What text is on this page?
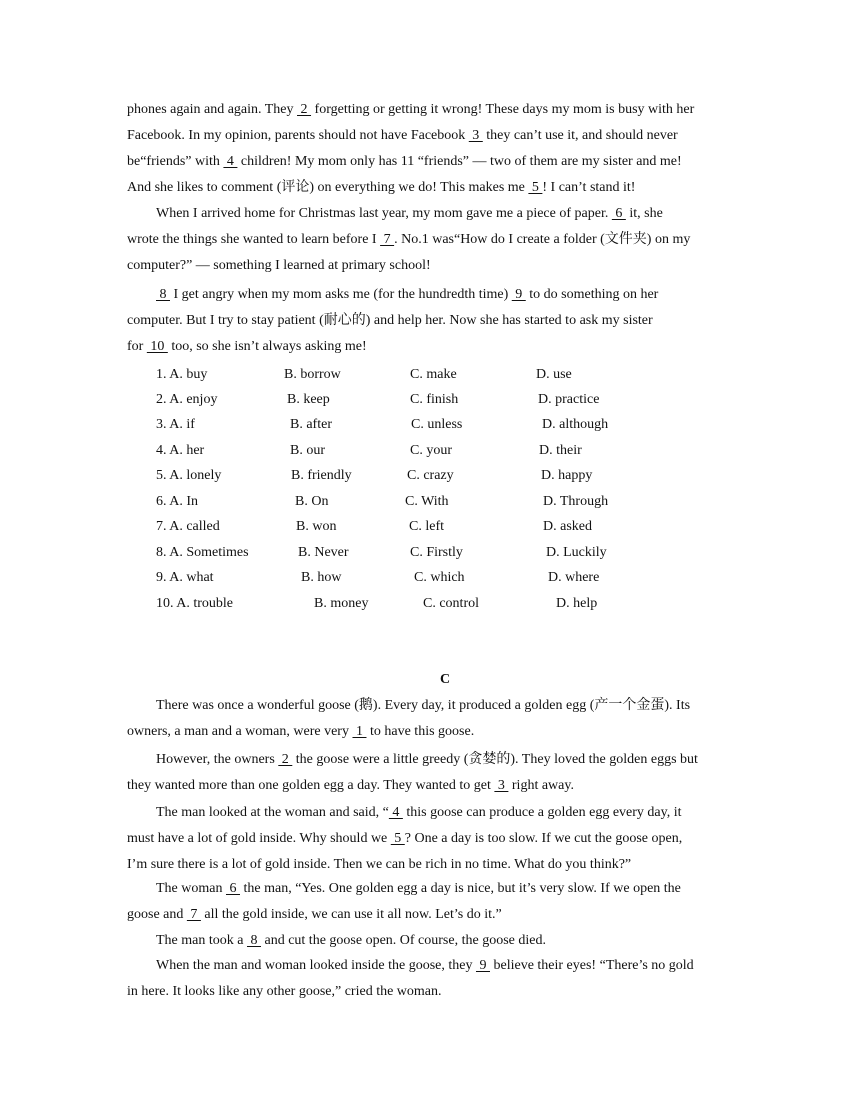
phones again and again. They  2  forgetting or getting it wrong! These days my mom is busy with her
Facebook. In my opinion, parents should not have Facebook  3  they can’t use it, and should never
be“friends” with  4  children! My mom only has 11 “friends” — two of them are my sister and me!
And she likes to comment (评论) on everything we do! This makes me  5 ! I can’t stand it!

When I arrived home for Christmas last year, my mom gave me a piece of paper.  6  it, she
wrote the things she wanted to learn before I  7 . No.1 was“How do I create a folder (文件夹) on my
computer?” — something I learned at primary school!

8  I get angry when my mom asks me (for the hundredth time)  9  to do something on her
computer. But I try to stay patient (耐心的) and help her. Now she has started to ask my sister
for  10  too, so she isn’t always asking me!

1. A. buy	B. borrow	C. make	D. use
2. A. enjoy	B. keep	C. finish	D. practice
3. A. if	B. after	C. unless	D. although
4. A. her	B. our	C. your	D. their
5. A. lonely	B. friendly	C. crazy	D. happy
6. A. In	B. On	C. With	D. Through
7. A. called	B. won	C. left	D. asked
8. A. Sometimes	B. Never	C. Firstly	D. Luckily
9. A. what	B. how	C. which	D. where
10. A. trouble	B. money	C. control	D. help
C

There was once a wonderful goose (鹅). Every day, it produced a golden egg (产一个金蛋). Its
owners, a man and a woman, were very  1  to have this goose.

However, the owners  2  the goose were a little greedy (贪婪的). They loved the golden eggs but
they wanted more than one golden egg a day. They wanted to get  3  right away.

The man looked at the woman and said, “ 4  this goose can produce a golden egg every day, it
must have a lot of gold inside. Why should we  5 ? One a day is too slow. If we cut the goose open,
I’m sure there is a lot of gold inside. Then we can be rich in no time. What do you think?”

The woman  6  the man, “Yes. One golden egg a day is nice, but it’s very slow. If we open the
goose and  7  all the gold inside, we can use it all now. Let’s do it.”

The man took a  8  and cut the goose open. Of course, the goose died.

When the man and woman looked inside the goose, they  9  believe their eyes! “There’s no gold
in here. It looks like any other goose,” cried the woman.
